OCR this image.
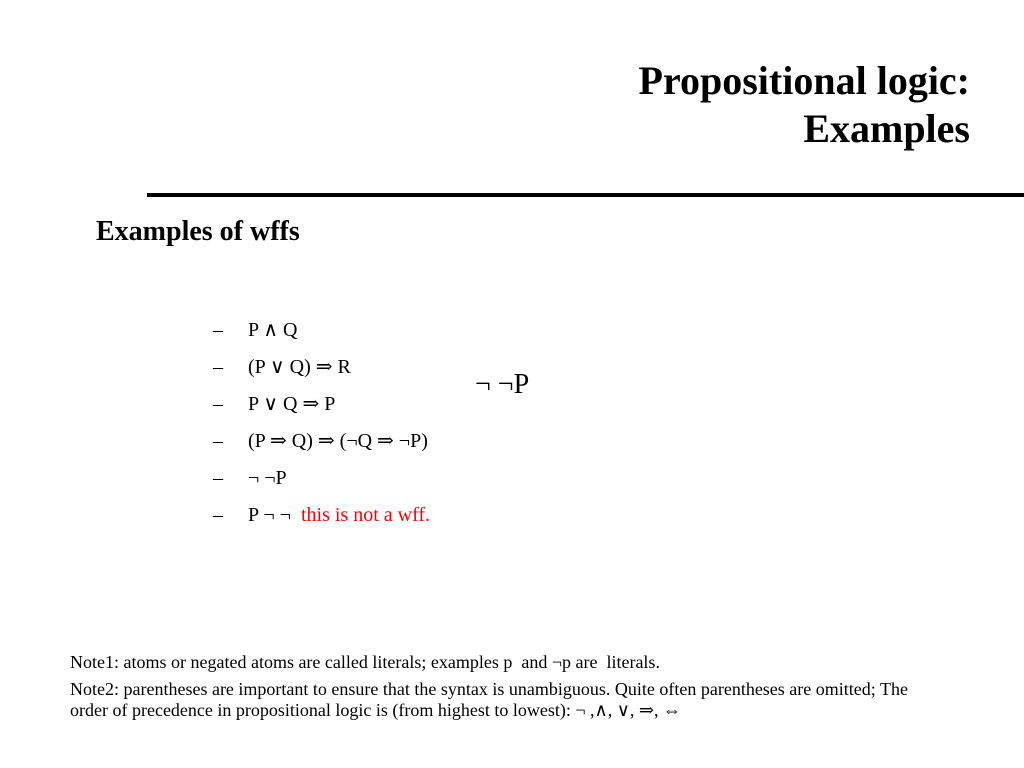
Propositional logic:
Examples
Examples of wffs
– P ∧ Q
– (P ∨ Q) ⇒ R
– P ∨ Q ⇒ P
– (P ⇒ Q) ⇒ (¬Q ⇒ ¬P)
– ¬ ¬P
– P ¬ ¬  this is not a wff.
¬ ¬P

Note1: atoms or negated atoms are called literals; examples p  and ¬p are  literals.

Note2: parentheses are important to ensure that the syntax is unambiguous. Quite often parentheses are omitted; The order of precedence in propositional logic is (from highest to lowest): ¬ ,∧, ∨, ⇒, ⇔
